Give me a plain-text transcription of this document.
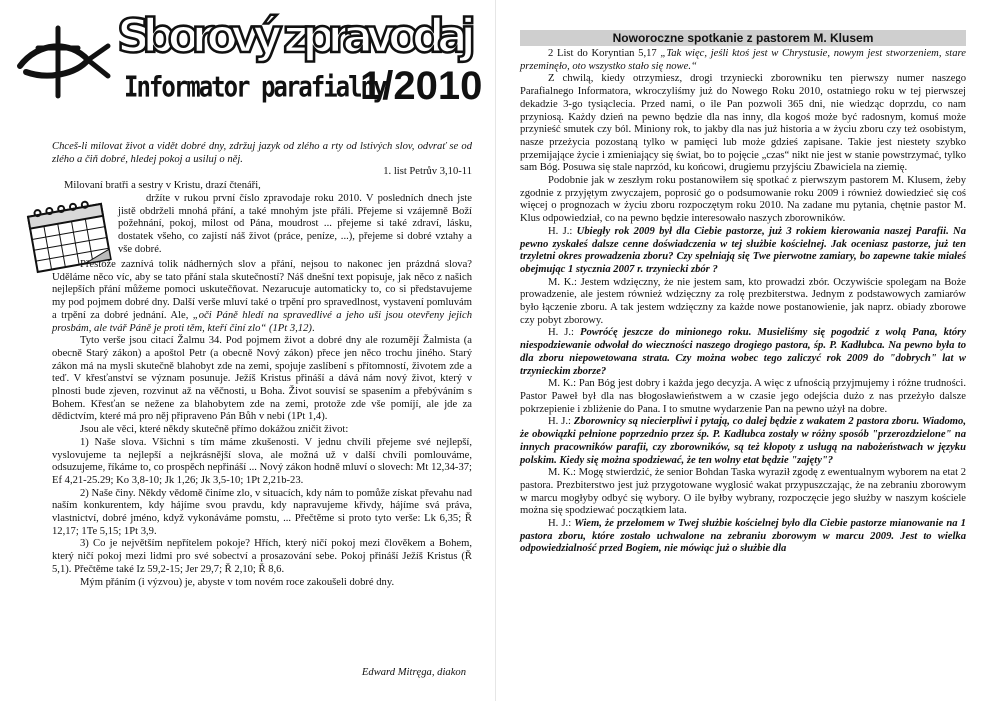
Sborový zpravodaj
Informator parafialny
1/2010

Chceš-li milovat život a vidět dobré dny, zdržuj jazyk od zlého a rty od lstivých slov, odvrať se od zlého a čiň dobré, hledej pokoj a usiluj o něj.

1. list Petrův 3,10-11

Milovaní bratři a sestry v Kristu, drazí čtenáři,

držíte v rukou první číslo zpravodaje roku 2010. V posledních dnech jste jistě obdrželi mnohá přání, a také mnohým jste přáli. Přejeme si vzájemně Boží požehnání, pokoj, milost od Pána, moudrost ... přejeme si také zdraví, lásku, dostatek všeho, co zajistí náš život (práce, peníze, ...), přejeme si dobré vztahy a vše dobré.

Přestože zaznívá tolik nádherných slov a přání, nejsou to nakonec jen prázdná slova? Uděláme něco víc, aby se tato přání stala skutečností? Náš dnešní text popisuje, jak něco z našich nejlepších přání můžeme pomoci uskutečňovat. Nezarucuje automaticky to, co si představujeme my pod pojmem dobré dny. Další verše mluví také o trpění pro spravedlnost, vystavení pomluvám a trpění za dobré jednání. Ale, „oči Páně hledí na spravedlivé a jeho uši jsou otevřeny jejich prosbám, ale tvář Páně je proti těm, kteří činí zlo“ (1Pt 3,12).

Tyto verše jsou citací Žalmu 34. Pod pojmem život a dobré dny ale rozumějí Žalmista (a obecně Starý zákon) a apoštol Petr (a obecně Nový zákon) přece jen něco trochu jiného. Starý zákon má na mysli skutečně blahobyt zde na zemi, spojuje zaslíbení s přítomností, životem zde a teď. V křesťanství se význam posunuje. Ježíš Kristus přináší a dává nám nový život, který v plnosti bude zjeven, rozvinut až na věčnosti, u Boha. Život souvisí se spasením a přebýváním s Bohem. Křesťan se nežene za blahobytem zde na zemi, protože zde vše pomíjí, ale jde za dědictvím, které má pro něj připraveno Pán Bůh v nebi (1Pt 1,4).

Jsou ale věci, které někdy skutečně přímo dokážou zničit život:

1) Naše slova. Všichni s tím máme zkušenosti. V jednu chvíli přejeme své nejlepší, vyslovujeme ta nejlepší a nejkrásnější slova, ale možná už v další chvíli pomlouváme, odsuzujeme, říkáme to, co prospěch nepřináší ... Nový zákon hodně mluví o slovech: Mt 12,34-37; Ef 4,21-25.29; Ko 3,8-10; Jk 1,26; Jk 3,5-10; 1Pt 2,21b-23.

2) Naše činy. Někdy vědomě činíme zlo, v situacích, kdy nám to pomůže získat převahu nad naším konkurentem, kdy hájíme svou pravdu, kdy napravujeme křivdy, hájíme svá práva, vlastnictví, dobré jméno, když vykonáváme pomstu, ... Přečtěme si proto tyto verše: Lk 6,35; Ř 12,17; 1Te 5,15; 1Pt 3,9.

3) Co je největším nepřítelem pokoje? Hřích, který ničí pokoj mezi člověkem a Bohem, který ničí pokoj mezi lidmi pro své sobectví a prosazování sebe. Pokoj přináší Ježíš Kristus (Ř 5,1). Přečtěme také Iz 59,2-15; Jer 29,7; Ř 2,10; Ř 8,6.

Mým přáním (i výzvou) je, abyste v tom novém roce zakoušeli dobré dny.

Edward Mitręga, diakon

Noworoczne spotkanie z pastorem M. Klusem

2 List do Koryntian 5,17 „Tak więc, jeśli ktoś jest w Chrystusie, nowym jest stworzeniem, stare przeminęło, oto wszystko stało się nowe.“

Z chwilą, kiedy otrzymiesz, drogi trzyniecki zborowniku ten pierwszy numer naszego Parafialnego Informatora, wkroczyliśmy już do Nowego Roku 2010, ostatniego roku w tej pierwszej dekadzie 3-go tysiąclecia. Przed nami, o ile Pan pozwoli 365 dni, nie wiedząc doprzdu, co nam przyniosą. Każdy dzień na pewno będzie dla nas inny, dla kogoś może być radosnym, komuś może przynieść smutek czy ból. Miniony rok, to jakby dla nas już historia a w życiu zboru czy też osobistym, nasze przeżycia pozostaną tylko w pamięci lub może gdzieś zapisane. Takie jest niestety szybko przemijające życie i zmieniający się świat, bo to pojęcie „czas“ nikt nie jest w stanie powstrzymać, tylko sam Bóg. Posuwa się stale naprzód, ku końcowi, drugiemu przyjściu Zbawiciela na ziemię.

Podobnie jak w zeszłym roku postanowiłem się spotkać z pierwszym pastorem M. Klusem, żeby zgodnie z przyjętym zwyczajem, poprosić go o podsumowanie roku 2009 i również dowiedzieć się coś więcej o prognozach w życiu zboru rozpoczętym roku 2010. Na zadane mu pytania, chętnie pastor M. Klus odpowiedział, co na pewno będzie interesowało naszych zborowników.

H. J.: Ubiegły rok 2009 był dla Ciebie pastorze, już 3 rokiem kierowania naszej Parafii. Na pewno zyskałeś dalsze cenne doświadczenia w tej służbie kościelnej. Jak oceniasz pastorze, już ten trzyletni okres prowadzenia zboru? Czy spełniają się Twe pierwotne zamiary, bo zapewne takie miałeś obejmując 1 stycznia 2007 r. trzyniecki zbór ?

M. K.: Jestem wdzięczny, że nie jestem sam, kto prowadzi zbór. Oczywiście spolegam na Boże prowadzenie, ale jestem również wdzięczny za rolę prezbiterstwa. Jednym z podstawowych zamiarów było łączenie zboru. A tak jestem wdzięczny za każde nowe postanowienie, jak naprz. obiady zborowe czy pobyt zborowy.

H. J.: Powróćę jeszcze do minionego roku. Musieliśmy się pogodzić z wolą Pana, który niespodziewanie odwołał do wieczności naszego drogiego pastora, śp. P. Kadłubca. Na pewno była to dla zboru niepowetowana strata. Czy można wobec tego zaliczyć rok 2009 do "dobrych" lat w trzynieckim zborze?

M. K.: Pan Bóg jest dobry i każda jego decyzja. A więc z ufnością przyjmujemy i różne trudności. Pastor Paweł był dla nas błogosławieństwem a w czasie jego odejścia dużo z nas przeżyło dalsze pokrzepienie i zbliżenie do Pana. I to smutne wydarzenie Pan na pewno użył na dobre.

H. J.: Zborownicy są niecierpliwi i pytają, co dalej będzie z wakatem 2 pastora zboru. Wiadomo, że obowiązki pełnione poprzednio przez śp. P. Kadłubca zostały w różny sposób "przerozdzielone" na innych pracowników parafii, czy zborowników, są też kłopoty z usługą na nabożeństwach w języku polskim. Kiedy się można spodziewać, że ten wolny etat będzie "zajęty"?

M. K.: Mogę stwierdzić, że senior Bohdan Taska wyraził zgodę z ewentualnym wyborem na etat 2 pastora. Prezbiterstwo jest już przygotowane wyglosić wakat przypuszczając, że na zebraniu zborowym w marcu mogłyby odbyć się wybory. O ile byłby wybrany, rozpoczęcie jego służby w naszym kościele można się spodziewać początkiem lata.

H. J.: Wiem, że przełomem w Twej służbie kościelnej było dla Ciebie pastorze mianowanie na 1 pastora zboru, które zostało uchwalone na zebraniu zborowym w marcu 2009. Jest to wielka odpowiedzialność przed Bogiem, nie mówiąc już o służbie dla
